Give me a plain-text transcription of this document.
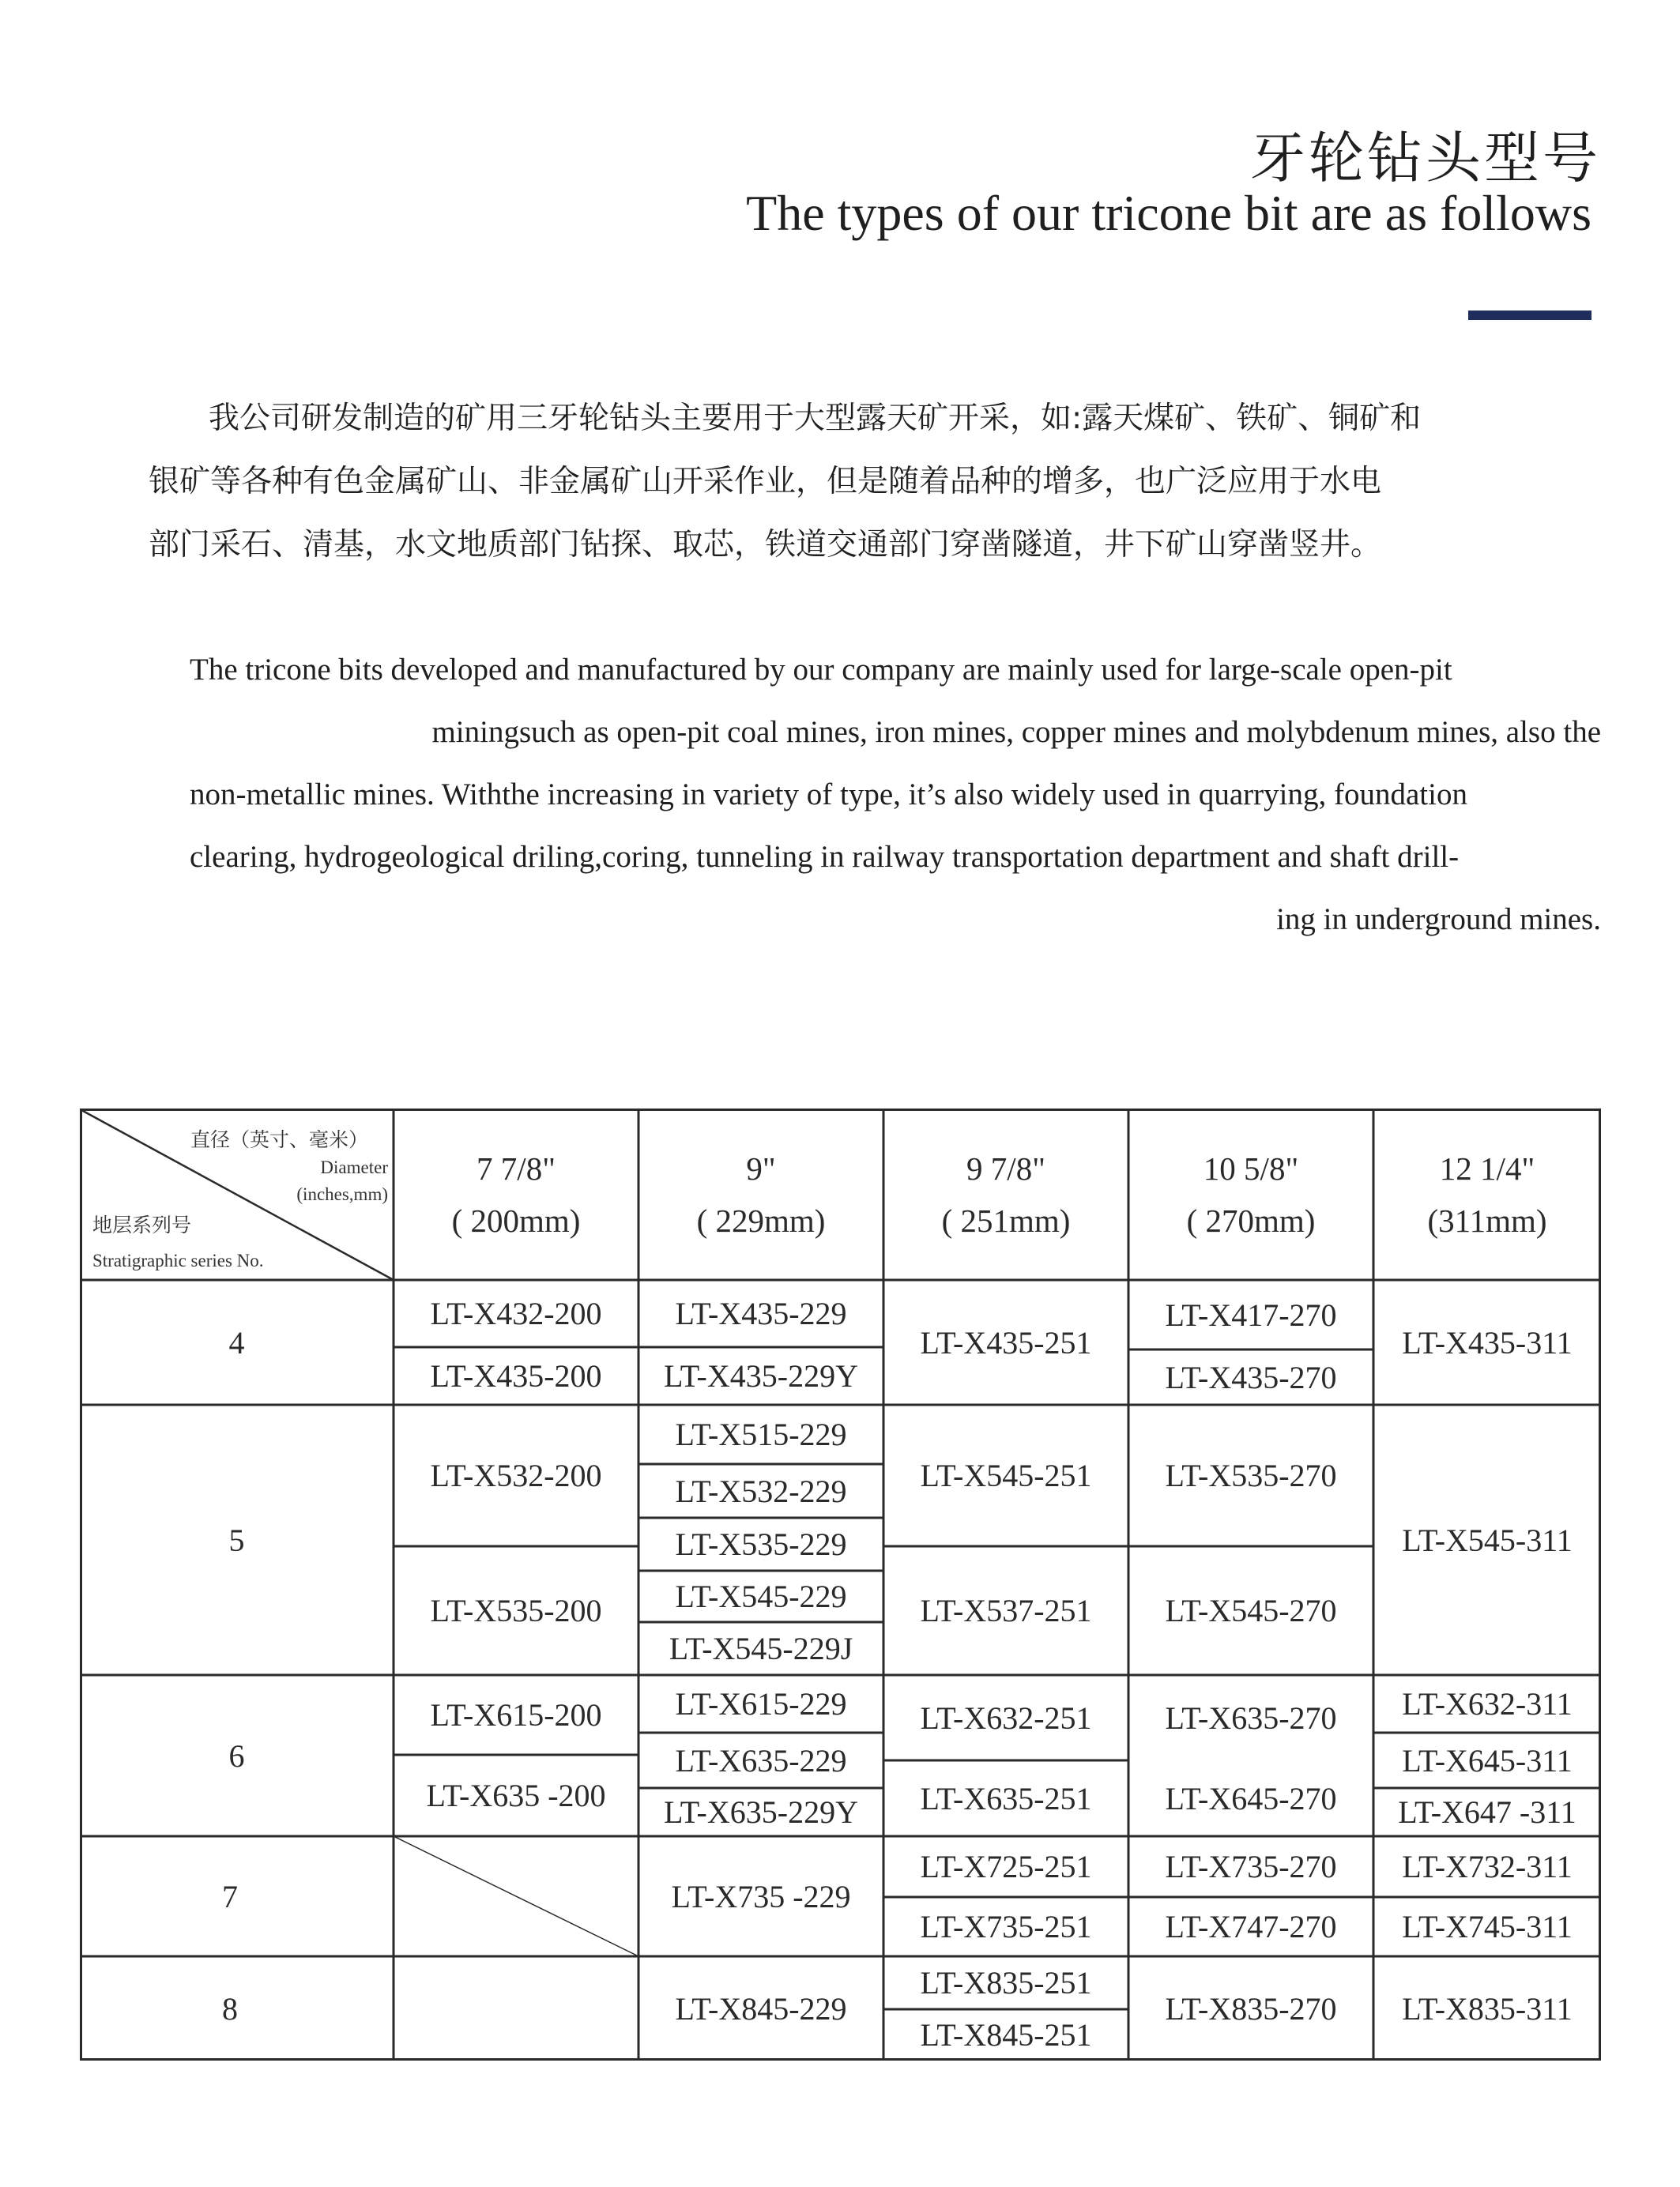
牙轮钻头型号
The types of our tricone bit are as follows

我公司研发制造的矿用三牙轮钻头主要用于大型露天矿开采，如:露天煤矿、铁矿、铜矿和
银矿等各种有色金属矿山、非金属矿山开采作业，但是随着品种的增多，也广泛应用于水电
部门采石、清基，水文地质部门钻探、取芯，铁道交通部门穿凿隧道，井下矿山穿凿竖井。

The tricone bits developed and manufactured by our company are mainly used for large-scale open-pit
miningsuch as open-pit coal mines, iron mines, copper mines and molybdenum mines, also the
non-metallic mines. Withthe increasing in variety of type, it’s also widely used in quarrying, foundation
clearing, hydrogeological driling,coring, tunneling in railway transportation department and shaft drill-
ing in underground mines.

直径（英寸、毫米）
Diameter
(inches,mm)
地层系列号
Stratigraphic series No.
7 7/8"
( 200mm)
9"
( 229mm)
9 7/8"
( 251mm)
10 5/8"
( 270mm)
12 1/4"
(311mm)
4
5
6
7
8
LT-X432-200
LT-X435-200
LT-X435-229
LT-X435-229Y
LT-X435-251
LT-X417-270
LT-X435-270
LT-X435-311
LT-X532-200
LT-X535-200
LT-X515-229
LT-X532-229
LT-X535-229
LT-X545-229
LT-X545-229J
LT-X545-251
LT-X537-251
LT-X535-270
LT-X545-270
LT-X545-311
LT-X615-200
LT-X635 -200
LT-X615-229
LT-X635-229
LT-X635-229Y
LT-X632-251
LT-X635-251
LT-X635-270
LT-X645-270
LT-X632-311
LT-X645-311
LT-X647 -311
LT-X735 -229
LT-X725-251
LT-X735-251
LT-X735-270
LT-X747-270
LT-X732-311
LT-X745-311
LT-X845-229
LT-X835-251
LT-X845-251
LT-X835-270	LT-X835-311
